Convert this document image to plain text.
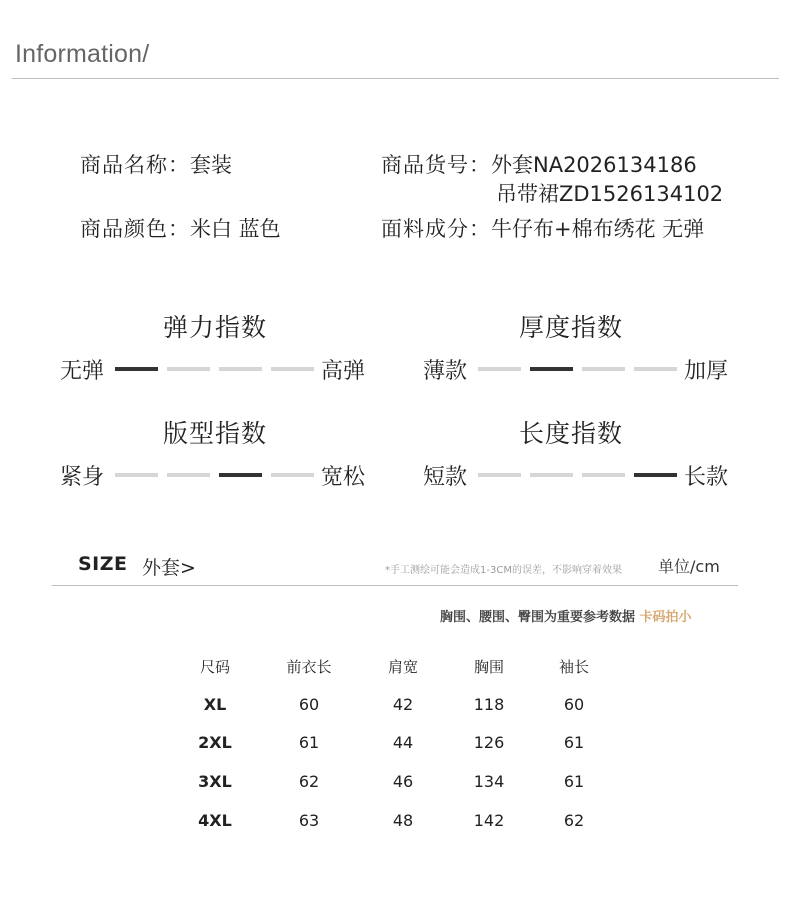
Information/
商品名称：套装	商品货号：外套NA2026134186
吊带裙ZD1526134102
商品颜色：米白 蓝色	面料成分：牛仔布+棉布绣花 无弹
弹力指数
无弹	高弹
厚度指数
薄款	加厚
版型指数
紧身	宽松
长度指数
短款	长款
SIZE 外套>	*手工测绘可能会造成1-3CM的误差，不影响穿着效果 单位/cm
胸围、腰围、臀围为重要参考数据 卡码拍小
尺码	前衣长	肩宽	胸围	袖长
XL	60	42	118	60
2XL	61	44	126	61
3XL	62	46	134	61
4XL	63	48	142	62
